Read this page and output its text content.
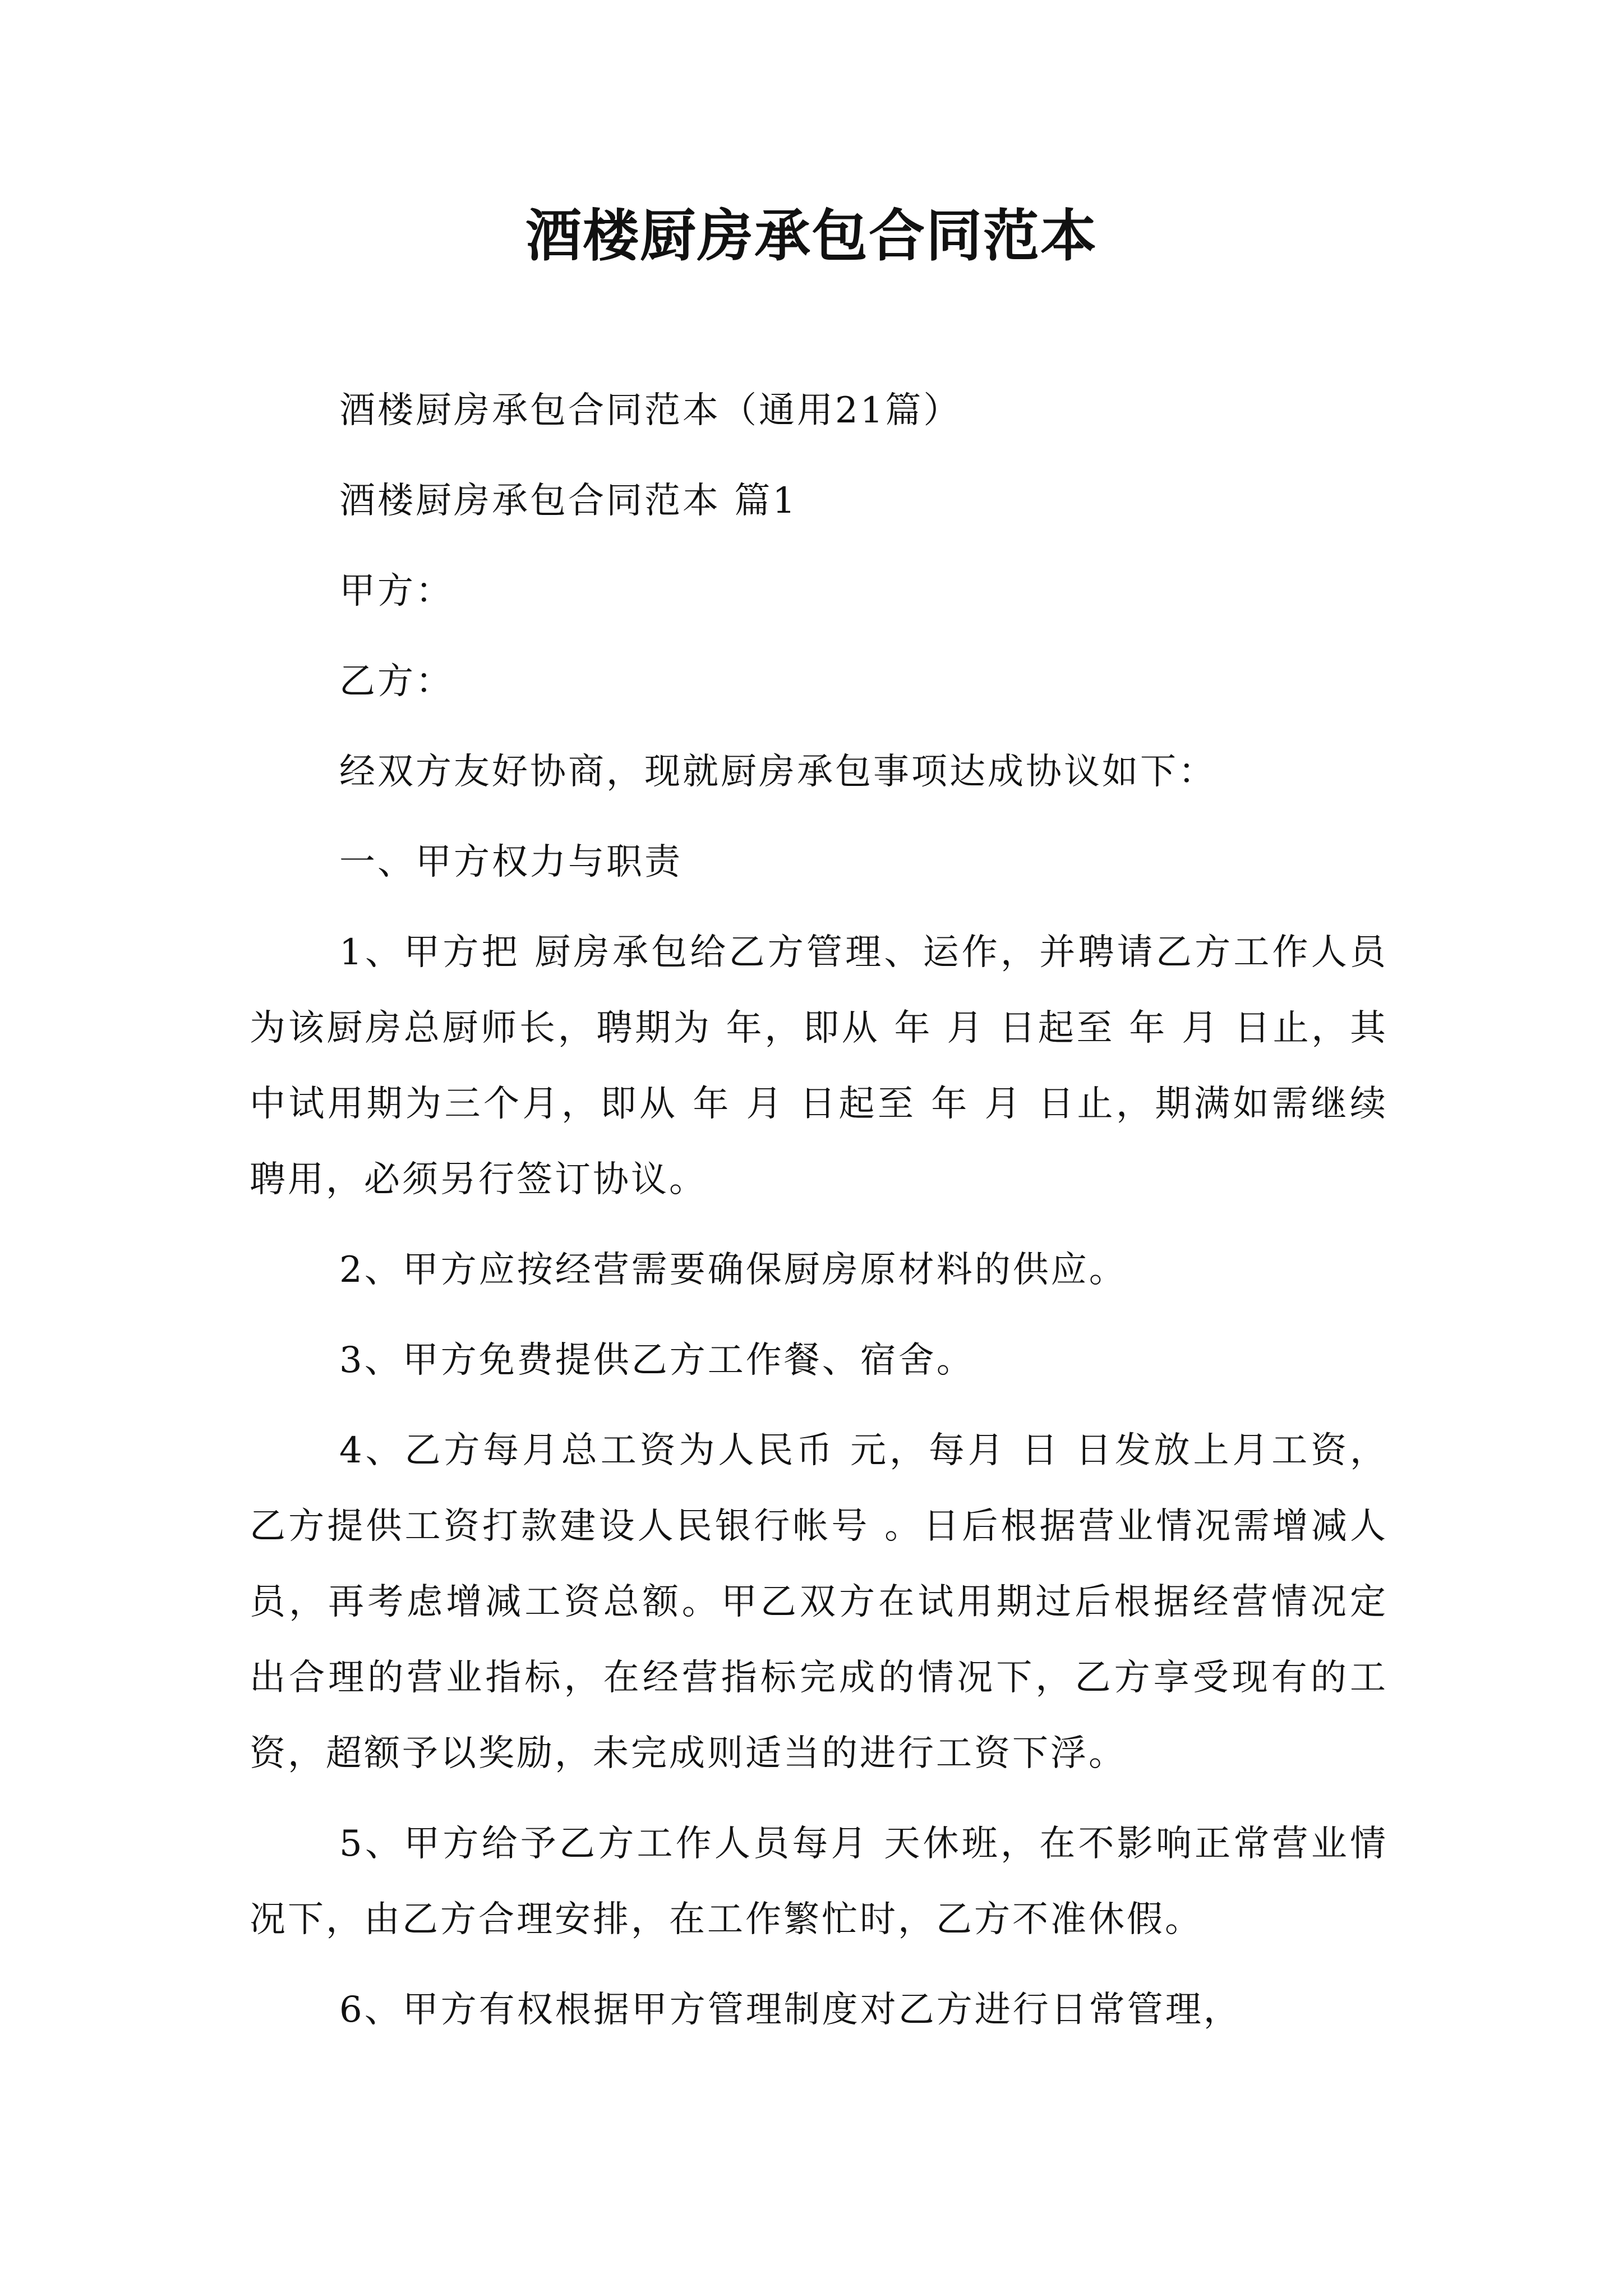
酒楼厨房承包合同范本

酒楼厨房承包合同范本（通用21篇）

酒楼厨房承包合同范本 篇1

甲方：

乙方：

经双方友好协商，现就厨房承包事项达成协议如下：

一、甲方权力与职责

1、甲方把 厨房承包给乙方管理、运作，并聘请乙方工作人员为该厨房总厨师长，聘期为 年，即从 年 月 日起至 年 月 日止，其中试用期为三个月，即从 年 月 日起至 年 月 日止，期满如需继续聘用，必须另行签订协议。

2、甲方应按经营需要确保厨房原材料的供应。

3、甲方免费提供乙方工作餐、宿舍。

4、乙方每月总工资为人民币 元，每月 日 日发放上月工资，乙方提供工资打款建设人民银行帐号 。日后根据营业情况需增减人员，再考虑增减工资总额。甲乙双方在试用期过后根据经营情况定出合理的营业指标，在经营指标完成的情况下，乙方享受现有的工资，超额予以奖励，未完成则适当的进行工资下浮。

5、甲方给予乙方工作人员每月 天休班，在不影响正常营业情况下，由乙方合理安排，在工作繁忙时，乙方不准休假。

6、甲方有权根据甲方管理制度对乙方进行日常管理，
